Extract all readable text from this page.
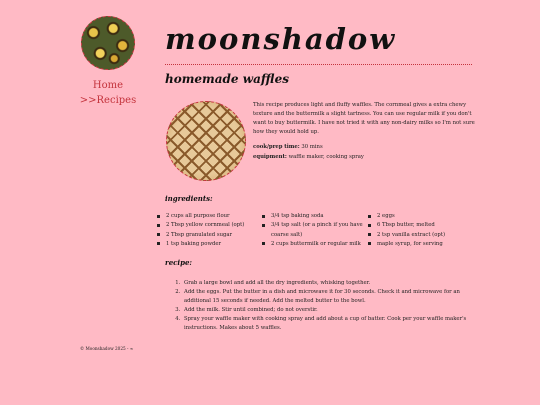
Home
>>Recipes
moonshadow
homemade waffles

This recipe produces light and fluffy waffles. The cornmeal gives a extra chewy texture and the buttermilk a slight tartness. You can use regular milk if you don't want to buy buttermilk. I have not tried it with any non-dairy milks so I'm not sure how they would hold up.

cook/prep time: 30 mins
equipment: waffle maker, cooking spray
ingredients:
2 cups all purpose flour
2 Tbsp yellow cornmeal (opt)
2 Tbsp granulated sugar
1 tsp baking powder
3/4 tsp baking soda
3/4 tsp salt (or a pinch if you have coarse salt)
2 cups buttermilk or regular milk
2 eggs
6 Tbsp butter, melted
2 tsp vanilla extract (opt)
maple syrup, for serving
recipe:
1. Grab a large bowl and add all the dry ingredients, whisking together.
2. Add the eggs. Put the butter in a dish and microwave it for 30 seconds. Check it and microwave for an additional 15 seconds if needed. Add the melted butter to the bowl.
3. Add the milk. Stir until combined; do not overstir.
4. Spray your waffle maker with cooking spray and add about a cup of batter. Cook per your waffle maker's instructions. Makes about 5 waffles.
© Moonshadow 2025 - ∞
